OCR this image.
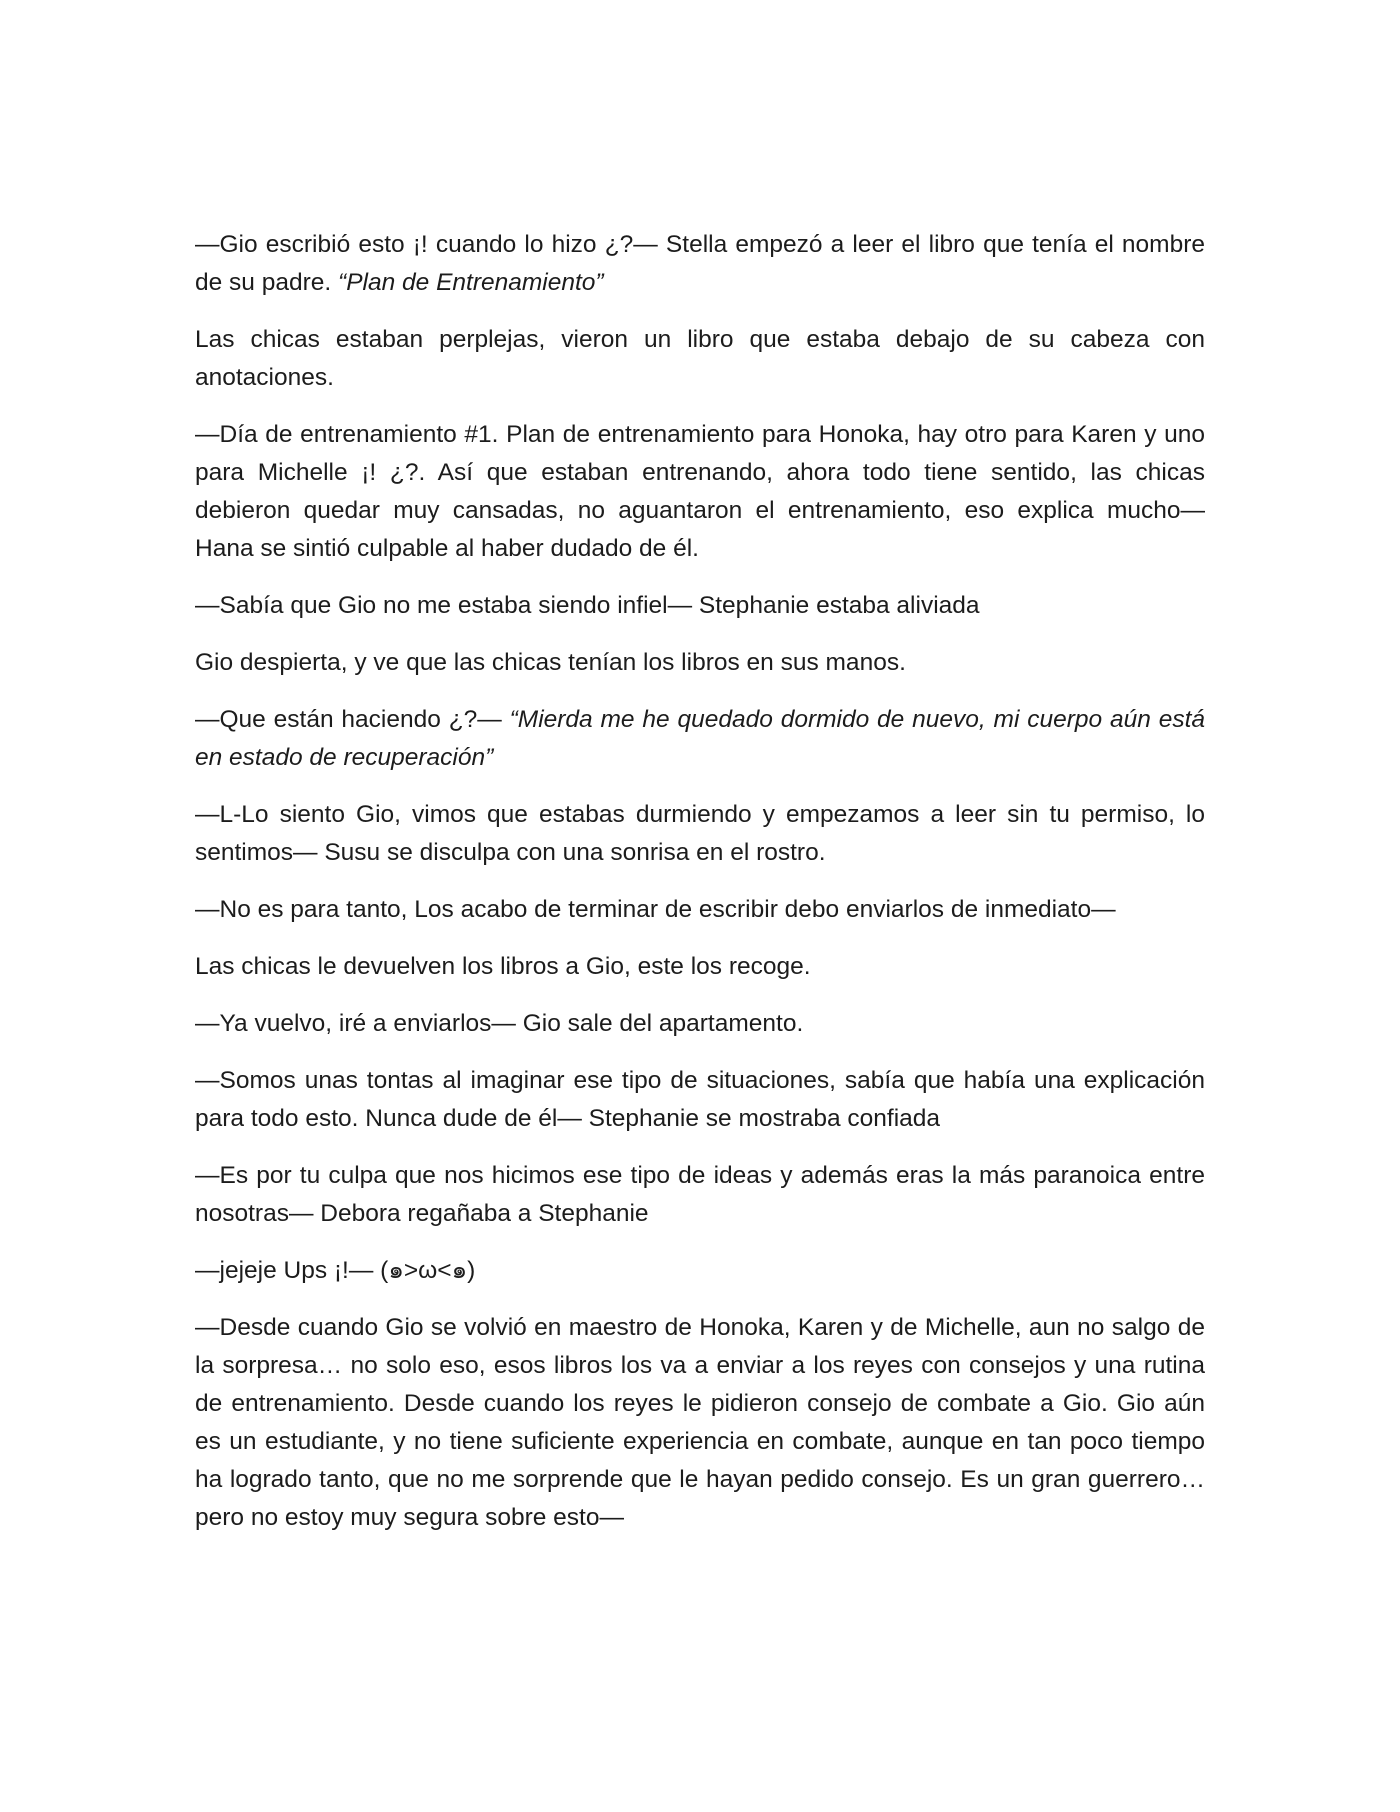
—Gio escribió esto ¡! cuando lo hizo ¿?— Stella empezó a leer el libro que tenía el nombre de su padre. “Plan de Entrenamiento”

Las chicas estaban perplejas, vieron un libro que estaba debajo de su cabeza con anotaciones.

—Día de entrenamiento #1. Plan de entrenamiento para Honoka, hay otro para Karen y uno para Michelle ¡! ¿?. Así que estaban entrenando, ahora todo tiene sentido, las chicas debieron quedar muy cansadas, no aguantaron el entrenamiento, eso explica mucho— Hana se sintió culpable al haber dudado de él.

—Sabía que Gio no me estaba siendo infiel— Stephanie estaba aliviada

Gio despierta, y ve que las chicas tenían los libros en sus manos.

—Que están haciendo ¿?— “Mierda me he quedado dormido de nuevo, mi cuerpo aún está en estado de recuperación”

—L-Lo siento Gio, vimos que estabas durmiendo y empezamos a leer sin tu permiso, lo sentimos— Susu se disculpa con una sonrisa en el rostro.

—No es para tanto, Los acabo de terminar de escribir debo enviarlos de inmediato—

Las chicas le devuelven los libros a Gio, este los recoge.

—Ya vuelvo, iré a enviarlos— Gio sale del apartamento.

—Somos unas tontas al imaginar ese tipo de situaciones, sabía que había una explicación para todo esto. Nunca dude de él— Stephanie se mostraba confiada

—Es por tu culpa que nos hicimos ese tipo de ideas y además eras la más paranoica entre nosotras— Debora regañaba a Stephanie

—jejeje Ups ¡!— (๑>ω<๑)

—Desde cuando Gio se volvió en maestro de Honoka, Karen y de Michelle, aun no salgo de la sorpresa… no solo eso, esos libros los va a enviar a los reyes con consejos y una rutina de entrenamiento. Desde cuando los reyes le pidieron consejo de combate a Gio. Gio aún es un estudiante, y no tiene suficiente experiencia en combate, aunque en tan poco tiempo ha logrado tanto, que no me sorprende que le hayan pedido consejo. Es un gran guerrero… pero no estoy muy segura sobre esto—
